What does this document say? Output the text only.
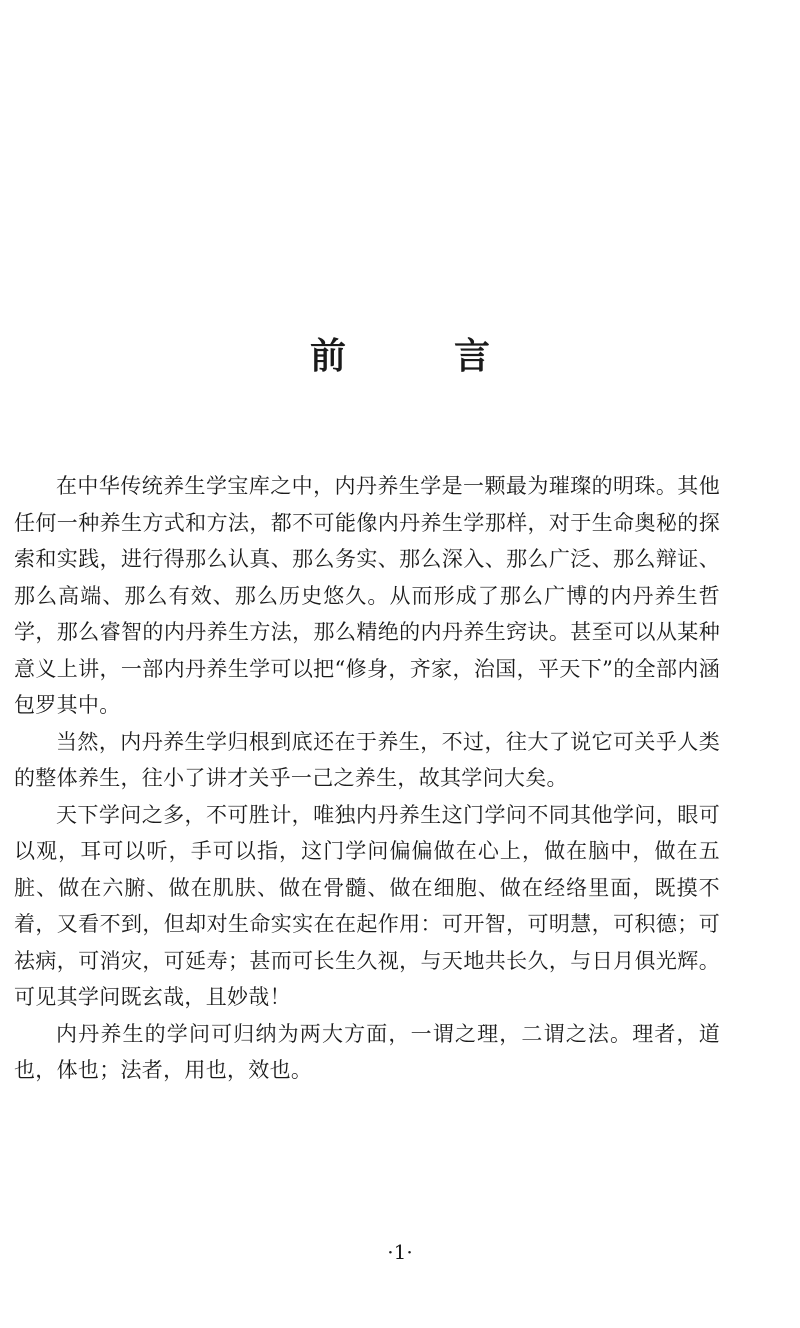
前　言

在中华传统养生学宝库之中，内丹养生学是一颗最为璀璨的明珠。其他任何一种养生方式和方法，都不可能像内丹养生学那样，对于生命奥秘的探索和实践，进行得那么认真、那么务实、那么深入、那么广泛、那么辩证、那么高端、那么有效、那么历史悠久。从而形成了那么广博的内丹养生哲学，那么睿智的内丹养生方法，那么精绝的内丹养生窍诀。甚至可以从某种意义上讲，一部内丹养生学可以把“修身，齐家，治国，平天下”的全部内涵包罗其中。

当然，内丹养生学归根到底还在于养生，不过，往大了说它可关乎人类的整体养生，往小了讲才关乎一己之养生，故其学问大矣。

天下学问之多，不可胜计，唯独内丹养生这门学问不同其他学问，眼可以观，耳可以听，手可以指，这门学问偏偏做在心上，做在脑中，做在五脏、做在六腑、做在肌肤、做在骨髓、做在细胞、做在经络里面，既摸不着，又看不到，但却对生命实实在在起作用：可开智，可明慧，可积德；可祛病，可消灾，可延寿；甚而可长生久视，与天地共长久，与日月俱光辉。可见其学问既玄哉，且妙哉！

内丹养生的学问可归纳为两大方面，一谓之理，二谓之法。理者，道也，体也；法者，用也，效也。

·1·
